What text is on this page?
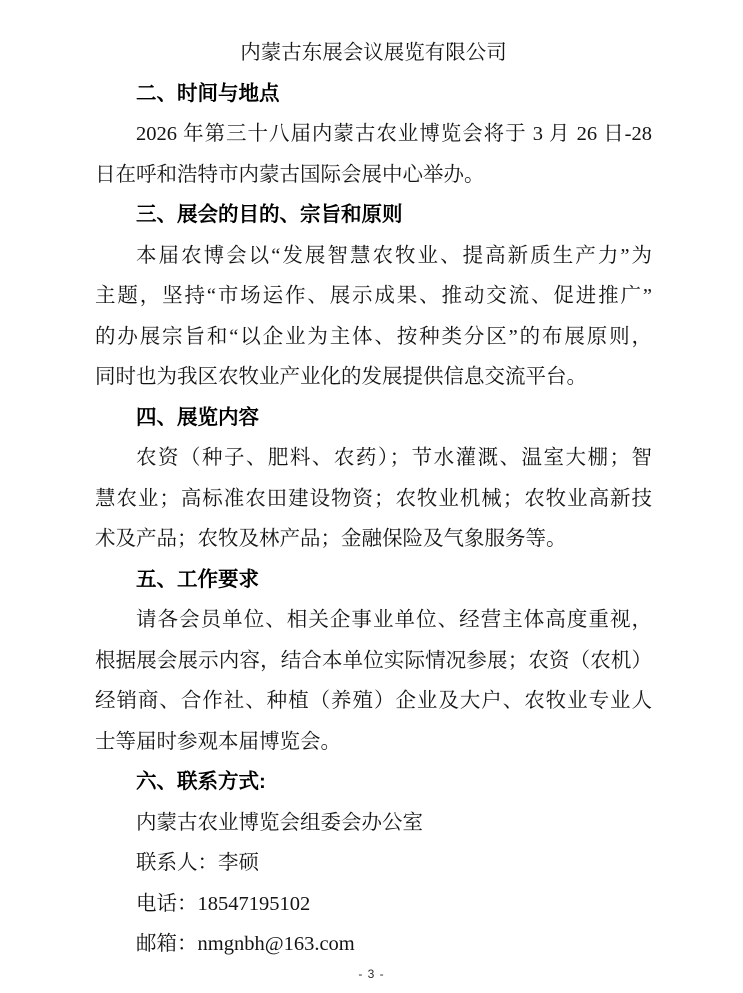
内蒙古东展会议展览有限公司
二、时间与地点
2026 年第三十八届内蒙古农业博览会将于 3 月 26 日-28
日在呼和浩特市内蒙古国际会展中心举办。
三、展会的目的、宗旨和原则
本届农博会以“发展智慧农牧业、提高新质生产力”为
主题，坚持“市场运作、展示成果、推动交流、促进推广”
的办展宗旨和“以企业为主体、按种类分区”的布展原则，
同时也为我区农牧业产业化的发展提供信息交流平台。
四、展览内容
农资（种子、肥料、农药）；节水灌溉、温室大棚；智
慧农业；高标准农田建设物资；农牧业机械；农牧业高新技
术及产品；农牧及林产品；金融保险及气象服务等。
五、工作要求
请各会员单位、相关企事业单位、经营主体高度重视，
根据展会展示内容，结合本单位实际情况参展；农资（农机）
经销商、合作社、种植（养殖）企业及大户、农牧业专业人
士等届时参观本届博览会。
六、联系方式:
内蒙古农业博览会组委会办公室
联系人：李硕
电话：18547195102
邮箱：nmgnbh@163.com
- 3 -
